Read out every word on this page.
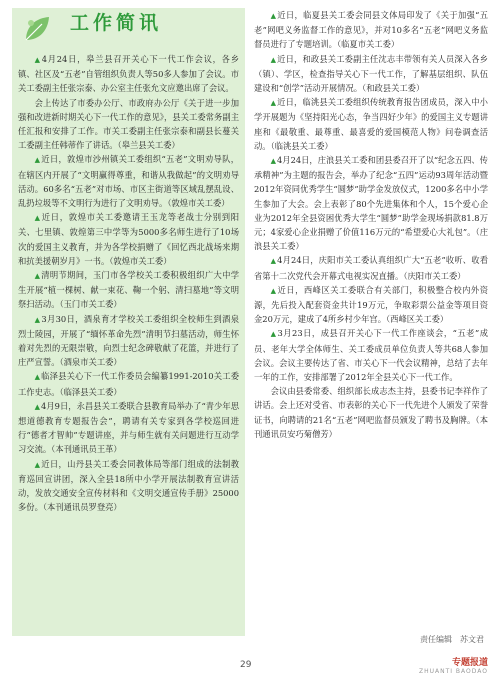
工作简讯

▲4月24日，皋兰县召开关心下一代工作会议，各乡镇、社区及“五老”自管组织负责人等50多人参加了会议。市关工委副主任张宗泰、办公室主任张允文应邀出席了会议。

会上传达了市委办公厅、市政府办公厅《关于进一步加强和改进新时期关心下一代工作的意见》，县关工委常务副主任汇报和安排了工作。市关工委副主任张宗泰和副县长蔓关工委副主任韩蒂作了讲话。（皋兰县关工委）

▲近日，敦煌市沙州镇关工委组织“五老”文明劝导队，在辖区内开展了“文明赢得尊重，和谐从我做起”的文明劝导活动。60多名“五老”对市场、市区主街道等区域乱摆乱设、乱扔垃圾等不文明行为进行了文明劝导。（敦煌市关工委）

▲近日，敦煌市关工委邀请王玉龙等老战士分别到阳关、七里镇、敦煌第三中学等为5000多名师生进行了10场次的爱国主义教育，并为各学校捐赠了《回忆西北战场来期和抗美援朝岁月》一书。（敦煌市关工委）

▲清明节期间，玉门市各学校关工委积极组织广大中学生开展“植一棵树、献一束花、鞠一个躬、清扫墓地”等文明祭扫活动。（玉门市关工委）

▲3月30日，酒泉育才学校关工委组织全校师生到酒泉烈士陵园，开展了“缅怀革命先烈”清明节扫墓活动，师生怀着对先烈的无限崇敬，向烈士纪念碑敬献了花篮，并进行了庄严宣誓。（酒泉市关工委）

▲临泽县关心下一代工作委员会编纂1991-2010关工委工作史志。（临泽县关工委）

▲4月9日，永昌县关工委联合县教育局举办了“青少年思想道德教育专题报告会”，聘请有关专家到各学校巡回进行“德者才智帅”专题讲座，并与师生就有关问题进行互动学习交流。（本刊通讯员王革）

▲近日，山丹县关工委会同教体局等部门组成的法制教育巡回宣讲团，深入全县18所中小学开展法制教育宣讲活动，发放交通安全宣传材料和《文明交通宣传手册》25000多份。（本刊通讯员罗登亮）

▲近日，临夏县关工委会同县文体局印发了《关于加强“五老”网吧义务监督工作的意见》，并对10多名“五老”网吧义务监督员进行了专题培训。（临夏市关工委）

▲近日，和政县关工委副主任沈志丰带领有关人员深入各乡（镇）、学区，检查指导关心下一代工作，了解基层组织、队伍建设和“创学”活动开展情况。（和政县关工委）

▲近日，临洮县关工委组织传统教育报告团成员，深入中小学开展题为《坚持阳光心态，争当四好少年》的爱国主义专题讲座和《最敬重、最尊重、最喜爱的爱国模范人物》问卷调查活动。（临洮县关工委）

▲4月24日，庄浪县关工委和团县委召开了以“纪念五四、传承精神”为主题的报告会，举办了纪念“五四”运动93周年活动暨2012年资同优秀学生“圆梦”助学金发放仪式，1200多名中小学生参加了大会。会上表彰了80个先进集体和个人，15个爱心企业为2012年全县资困优秀大学生“圆梦”助学金现场捐款81.8万元；4家爱心企业捐赠了价值116万元的“希望爱心大礼包”。（庄浪县关工委）

▲4月24日，庆阳市关工委认真组织广大“五老”收听、收看省第十二次党代会开幕式电视实况直播。（庆阳市关工委）

▲近日，西峰区关工委联合有关部门，积极整合校内外资源，先后投入配套资金共计19万元，争取彩票公益金等项目资金20万元，建成了4所乡村少年宫。（西峰区关工委）

▲3月23日，成县召开关心下一代工作座谈会，“五老”成员、老年大学全体师生、关工委成员单位负责人等共68人参加会议。会议主要传达了省、市关心下一代会议精神，总结了去年一年的工作，安排部署了2012年全县关心下一代工作。

会议由县委常委、组织部长成志杰主持，县委书记李祥作了讲话。会上还对受省、市表彰的关心下一代先进个人颁发了荣誉证书，向聘请的21名“五老”网吧监督员颁发了聘书及胸牌。（本刊通讯员安巧菊僧芳）

责任编辑　苏文君
29	专题报道
ZHUANTI BAODAO
